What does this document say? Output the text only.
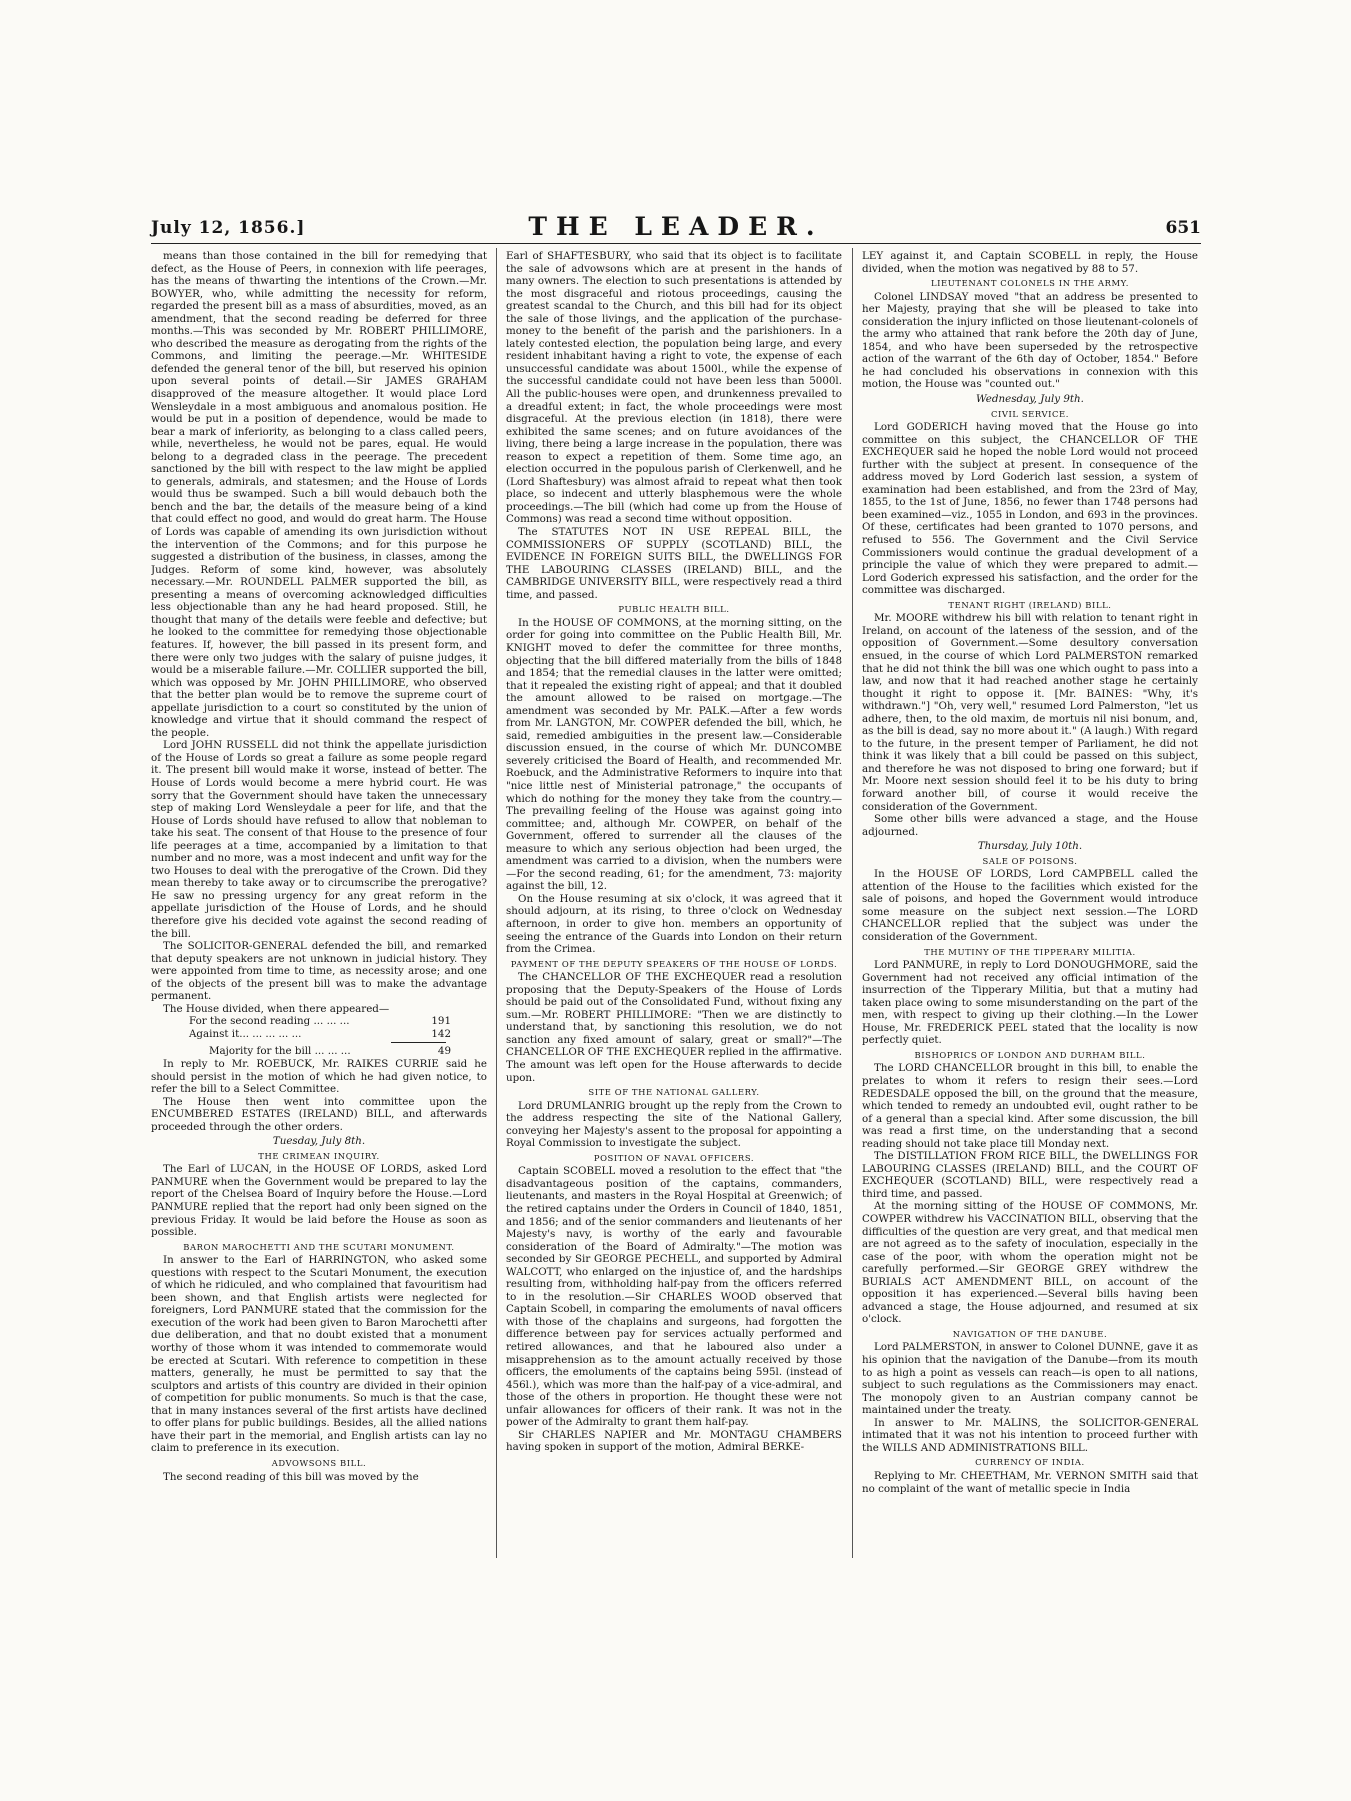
July 12, 1856.]	THE LEADER.	651

means than those contained in the bill for remedying that defect, as the House of Peers, in connexion with life peerages, has the means of thwarting the intentions of the Crown.—Mr. BOWYER, who, while admitting the necessity for reform, regarded the present bill as a mass of absurdities, moved, as an amendment, that the second reading be deferred for three months.—This was seconded by Mr. ROBERT PHILLIMORE, who described the measure as derogating from the rights of the Commons, and limiting the peerage.—Mr. WHITESIDE defended the general tenor of the bill, but reserved his opinion upon several points of detail.—Sir JAMES GRAHAM disapproved of the measure altogether. It would place Lord Wensleydale in a most ambiguous and anomalous position. He would be put in a position of dependence, would be made to bear a mark of inferiority, as belonging to a class called peers, while, nevertheless, he would not be pares, equal. He would belong to a degraded class in the peerage. The precedent sanctioned by the bill with respect to the law might be applied to generals, admirals, and statesmen; and the House of Lords would thus be swamped. Such a bill would debauch both the bench and the bar, the details of the measure being of a kind that could effect no good, and would do great harm. The House of Lords was capable of amending its own jurisdiction without the intervention of the Commons; and for this purpose he suggested a distribution of the business, in classes, among the Judges. Reform of some kind, however, was absolutely necessary.—Mr. ROUNDELL PALMER supported the bill, as presenting a means of overcoming acknowledged difficulties less objectionable than any he had heard proposed. Still, he thought that many of the details were feeble and defective; but he looked to the committee for remedying those objectionable features. If, however, the bill passed in its present form, and there were only two judges with the salary of puisne judges, it would be a miserable failure.—Mr. COLLIER supported the bill, which was opposed by Mr. JOHN PHILLIMORE, who observed that the better plan would be to remove the supreme court of appellate jurisdiction to a court so constituted by the union of knowledge and virtue that it should command the respect of the people.

Lord JOHN RUSSELL did not think the appellate jurisdiction of the House of Lords so great a failure as some people regard it. The present bill would make it worse, instead of better. The House of Lords would become a mere hybrid court. He was sorry that the Government should have taken the unnecessary step of making Lord Wensleydale a peer for life, and that the House of Lords should have refused to allow that nobleman to take his seat. The consent of that House to the presence of four life peerages at a time, accompanied by a limitation to that number and no more, was a most indecent and unfit way for the two Houses to deal with the prerogative of the Crown. Did they mean thereby to take away or to circumscribe the prerogative? He saw no pressing urgency for any great reform in the appellate jurisdiction of the House of Lords, and he should therefore give his decided vote against the second reading of the bill.

The SOLICITOR-GENERAL defended the bill, and remarked that deputy speakers are not unknown in judicial history. They were appointed from time to time, as necessity arose; and one of the objects of the present bill was to make the advantage permanent.

The House divided, when there appeared—

For the second reading ... ... ...	191
Against it... ... ... ... ...	142
Majority for the bill ... ... ...	49

In reply to Mr. ROEBUCK, Mr. RAIKES CURRIE said he should persist in the motion of which he had given notice, to refer the bill to a Select Committee.

The House then went into committee upon the ENCUMBERED ESTATES (IRELAND) BILL, and afterwards proceeded through the other orders.

Tuesday, July 8th.
THE CRIMEAN INQUIRY.

The Earl of LUCAN, in the HOUSE OF LORDS, asked Lord PANMURE when the Government would be prepared to lay the report of the Chelsea Board of Inquiry before the House.—Lord PANMURE replied that the report had only been signed on the previous Friday. It would be laid before the House as soon as possible.

BARON MAROCHETTI AND THE SCUTARI MONUMENT.

In answer to the Earl of HARRINGTON, who asked some questions with respect to the Scutari Monument, the execution of which he ridiculed, and who complained that favouritism had been shown, and that English artists were neglected for foreigners, Lord PANMURE stated that the commission for the execution of the work had been given to Baron Marochetti after due deliberation, and that no doubt existed that a monument worthy of those whom it was intended to commemorate would be erected at Scutari. With reference to competition in these matters, generally, he must be permitted to say that the sculptors and artists of this country are divided in their opinion of competition for public monuments. So much is that the case, that in many instances several of the first artists have declined to offer plans for public buildings. Besides, all the allied nations have their part in the memorial, and English artists can lay no claim to preference in its execution.

ADVOWSONS BILL.

The second reading of this bill was moved by the

Earl of SHAFTESBURY, who said that its object is to facilitate the sale of advowsons which are at present in the hands of many owners. The election to such presentations is attended by the most disgraceful and riotous proceedings, causing the greatest scandal to the Church, and this bill had for its object the sale of those livings, and the application of the purchase-money to the benefit of the parish and the parishioners. In a lately contested election, the population being large, and every resident inhabitant having a right to vote, the expense of each unsuccessful candidate was about 1500l., while the expense of the successful candidate could not have been less than 5000l. All the public-houses were open, and drunkenness prevailed to a dreadful extent; in fact, the whole proceedings were most disgraceful. At the previous election (in 1818), there were exhibited the same scenes; and on future avoidances of the living, there being a large increase in the population, there was reason to expect a repetition of them. Some time ago, an election occurred in the populous parish of Clerkenwell, and he (Lord Shaftesbury) was almost afraid to repeat what then took place, so indecent and utterly blasphemous were the whole proceedings.—The bill (which had come up from the House of Commons) was read a second time without opposition.

The STATUTES NOT IN USE REPEAL BILL, the COMMISSIONERS OF SUPPLY (SCOTLAND) BILL, the EVIDENCE IN FOREIGN SUITS BILL, the DWELLINGS FOR THE LABOURING CLASSES (IRELAND) BILL, and the CAMBRIDGE UNIVERSITY BILL, were respectively read a third time, and passed.

PUBLIC HEALTH BILL.

In the HOUSE OF COMMONS, at the morning sitting, on the order for going into committee on the Public Health Bill, Mr. KNIGHT moved to defer the committee for three months, objecting that the bill differed materially from the bills of 1848 and 1854; that the remedial clauses in the latter were omitted; that it repealed the existing right of appeal; and that it doubled the amount allowed to be raised on mortgage.—The amendment was seconded by Mr. PALK.—After a few words from Mr. LANGTON, Mr. COWPER defended the bill, which, he said, remedied ambiguities in the present law.—Considerable discussion ensued, in the course of which Mr. DUNCOMBE severely criticised the Board of Health, and recommended Mr. Roebuck, and the Administrative Reformers to inquire into that "nice little nest of Ministerial patronage," the occupants of which do nothing for the money they take from the country.—The prevailing feeling of the House was against going into committee; and, although Mr. COWPER, on behalf of the Government, offered to surrender all the clauses of the measure to which any serious objection had been urged, the amendment was carried to a division, when the numbers were—For the second reading, 61; for the amendment, 73: majority against the bill, 12.

On the House resuming at six o'clock, it was agreed that it should adjourn, at its rising, to three o'clock on Wednesday afternoon, in order to give hon. members an opportunity of seeing the entrance of the Guards into London on their return from the Crimea.

PAYMENT OF THE DEPUTY SPEAKERS OF THE HOUSE OF LORDS.

The CHANCELLOR OF THE EXCHEQUER read a resolution proposing that the Deputy-Speakers of the House of Lords should be paid out of the Consolidated Fund, without fixing any sum.—Mr. ROBERT PHILLIMORE: "Then we are distinctly to understand that, by sanctioning this resolution, we do not sanction any fixed amount of salary, great or small?"—The CHANCELLOR OF THE EXCHEQUER replied in the affirmative. The amount was left open for the House afterwards to decide upon.

SITE OF THE NATIONAL GALLERY.

Lord DRUMLANRIG brought up the reply from the Crown to the address respecting the site of the National Gallery, conveying her Majesty's assent to the proposal for appointing a Royal Commission to investigate the subject.

POSITION OF NAVAL OFFICERS.

Captain SCOBELL moved a resolution to the effect that "the disadvantageous position of the captains, commanders, lieutenants, and masters in the Royal Hospital at Greenwich; of the retired captains under the Orders in Council of 1840, 1851, and 1856; and of the senior commanders and lieutenants of her Majesty's navy, is worthy of the early and favourable consideration of the Board of Admiralty."—The motion was seconded by Sir GEORGE PECHELL, and supported by Admiral WALCOTT, who enlarged on the injustice of, and the hardships resulting from, withholding half-pay from the officers referred to in the resolution.—Sir CHARLES WOOD observed that Captain Scobell, in comparing the emoluments of naval officers with those of the chaplains and surgeons, had forgotten the difference between pay for services actually performed and retired allowances, and that he laboured also under a misapprehension as to the amount actually received by those officers, the emoluments of the captains being 595l. (instead of 456l.), which was more than the half-pay of a vice-admiral, and those of the others in proportion. He thought these were not unfair allowances for officers of their rank. It was not in the power of the Admiralty to grant them half-pay.

Sir CHARLES NAPIER and Mr. MONTAGU CHAMBERS having spoken in support of the motion, Admiral BERKE-

LEY against it, and Captain SCOBELL in reply, the House divided, when the motion was negatived by 88 to 57.

LIEUTENANT COLONELS IN THE ARMY.

Colonel LINDSAY moved "that an address be presented to her Majesty, praying that she will be pleased to take into consideration the injury inflicted on those lieutenant-colonels of the army who attained that rank before the 20th day of June, 1854, and who have been superseded by the retrospective action of the warrant of the 6th day of October, 1854." Before he had concluded his observations in connexion with this motion, the House was "counted out."

Wednesday, July 9th.
CIVIL SERVICE.

Lord GODERICH having moved that the House go into committee on this subject, the CHANCELLOR OF THE EXCHEQUER said he hoped the noble Lord would not proceed further with the subject at present. In consequence of the address moved by Lord Goderich last session, a system of examination had been established, and from the 23rd of May, 1855, to the 1st of June, 1856, no fewer than 1748 persons had been examined—viz., 1055 in London, and 693 in the provinces. Of these, certificates had been granted to 1070 persons, and refused to 556. The Government and the Civil Service Commissioners would continue the gradual development of a principle the value of which they were prepared to admit.—Lord Goderich expressed his satisfaction, and the order for the committee was discharged.

TENANT RIGHT (IRELAND) BILL.

Mr. MOORE withdrew his bill with relation to tenant right in Ireland, on account of the lateness of the session, and of the opposition of Government.—Some desultory conversation ensued, in the course of which Lord PALMERSTON remarked that he did not think the bill was one which ought to pass into a law, and now that it had reached another stage he certainly thought it right to oppose it. [Mr. BAINES: "Why, it's withdrawn."] "Oh, very well," resumed Lord Palmerston, "let us adhere, then, to the old maxim, de mortuis nil nisi bonum, and, as the bill is dead, say no more about it." (A laugh.) With regard to the future, in the present temper of Parliament, he did not think it was likely that a bill could be passed on this subject, and therefore he was not disposed to bring one forward; but if Mr. Moore next session should feel it to be his duty to bring forward another bill, of course it would receive the consideration of the Government.

Some other bills were advanced a stage, and the House adjourned.

Thursday, July 10th.
SALE OF POISONS.

In the HOUSE OF LORDS, Lord CAMPBELL called the attention of the House to the facilities which existed for the sale of poisons, and hoped the Government would introduce some measure on the subject next session.—The LORD CHANCELLOR replied that the subject was under the consideration of the Government.

THE MUTINY OF THE TIPPERARY MILITIA.

Lord PANMURE, in reply to Lord DONOUGHMORE, said the Government had not received any official intimation of the insurrection of the Tipperary Militia, but that a mutiny had taken place owing to some misunderstanding on the part of the men, with respect to giving up their clothing.—In the Lower House, Mr. FREDERICK PEEL stated that the locality is now perfectly quiet.

BISHOPRICS OF LONDON AND DURHAM BILL.

The LORD CHANCELLOR brought in this bill, to enable the prelates to whom it refers to resign their sees.—Lord REDESDALE opposed the bill, on the ground that the measure, which tended to remedy an undoubted evil, ought rather to be of a general than a special kind. After some discussion, the bill was read a first time, on the understanding that a second reading should not take place till Monday next.

The DISTILLATION FROM RICE BILL, the DWELLINGS FOR LABOURING CLASSES (IRELAND) BILL, and the COURT OF EXCHEQUER (SCOTLAND) BILL, were respectively read a third time, and passed.

At the morning sitting of the HOUSE OF COMMONS, Mr. COWPER withdrew his VACCINATION BILL, observing that the difficulties of the question are very great, and that medical men are not agreed as to the safety of inoculation, especially in the case of the poor, with whom the operation might not be carefully performed.—Sir GEORGE GREY withdrew the BURIALS ACT AMENDMENT BILL, on account of the opposition it has experienced.—Several bills having been advanced a stage, the House adjourned, and resumed at six o'clock.

NAVIGATION OF THE DANUBE.

Lord PALMERSTON, in answer to Colonel DUNNE, gave it as his opinion that the navigation of the Danube—from its mouth to as high a point as vessels can reach—is open to all nations, subject to such regulations as the Commissioners may enact. The monopoly given to an Austrian company cannot be maintained under the treaty.

In answer to Mr. MALINS, the SOLICITOR-GENERAL intimated that it was not his intention to proceed further with the WILLS AND ADMINISTRATIONS BILL.

CURRENCY OF INDIA.

Replying to Mr. CHEETHAM, Mr. VERNON SMITH said that no complaint of the want of metallic specie in India
